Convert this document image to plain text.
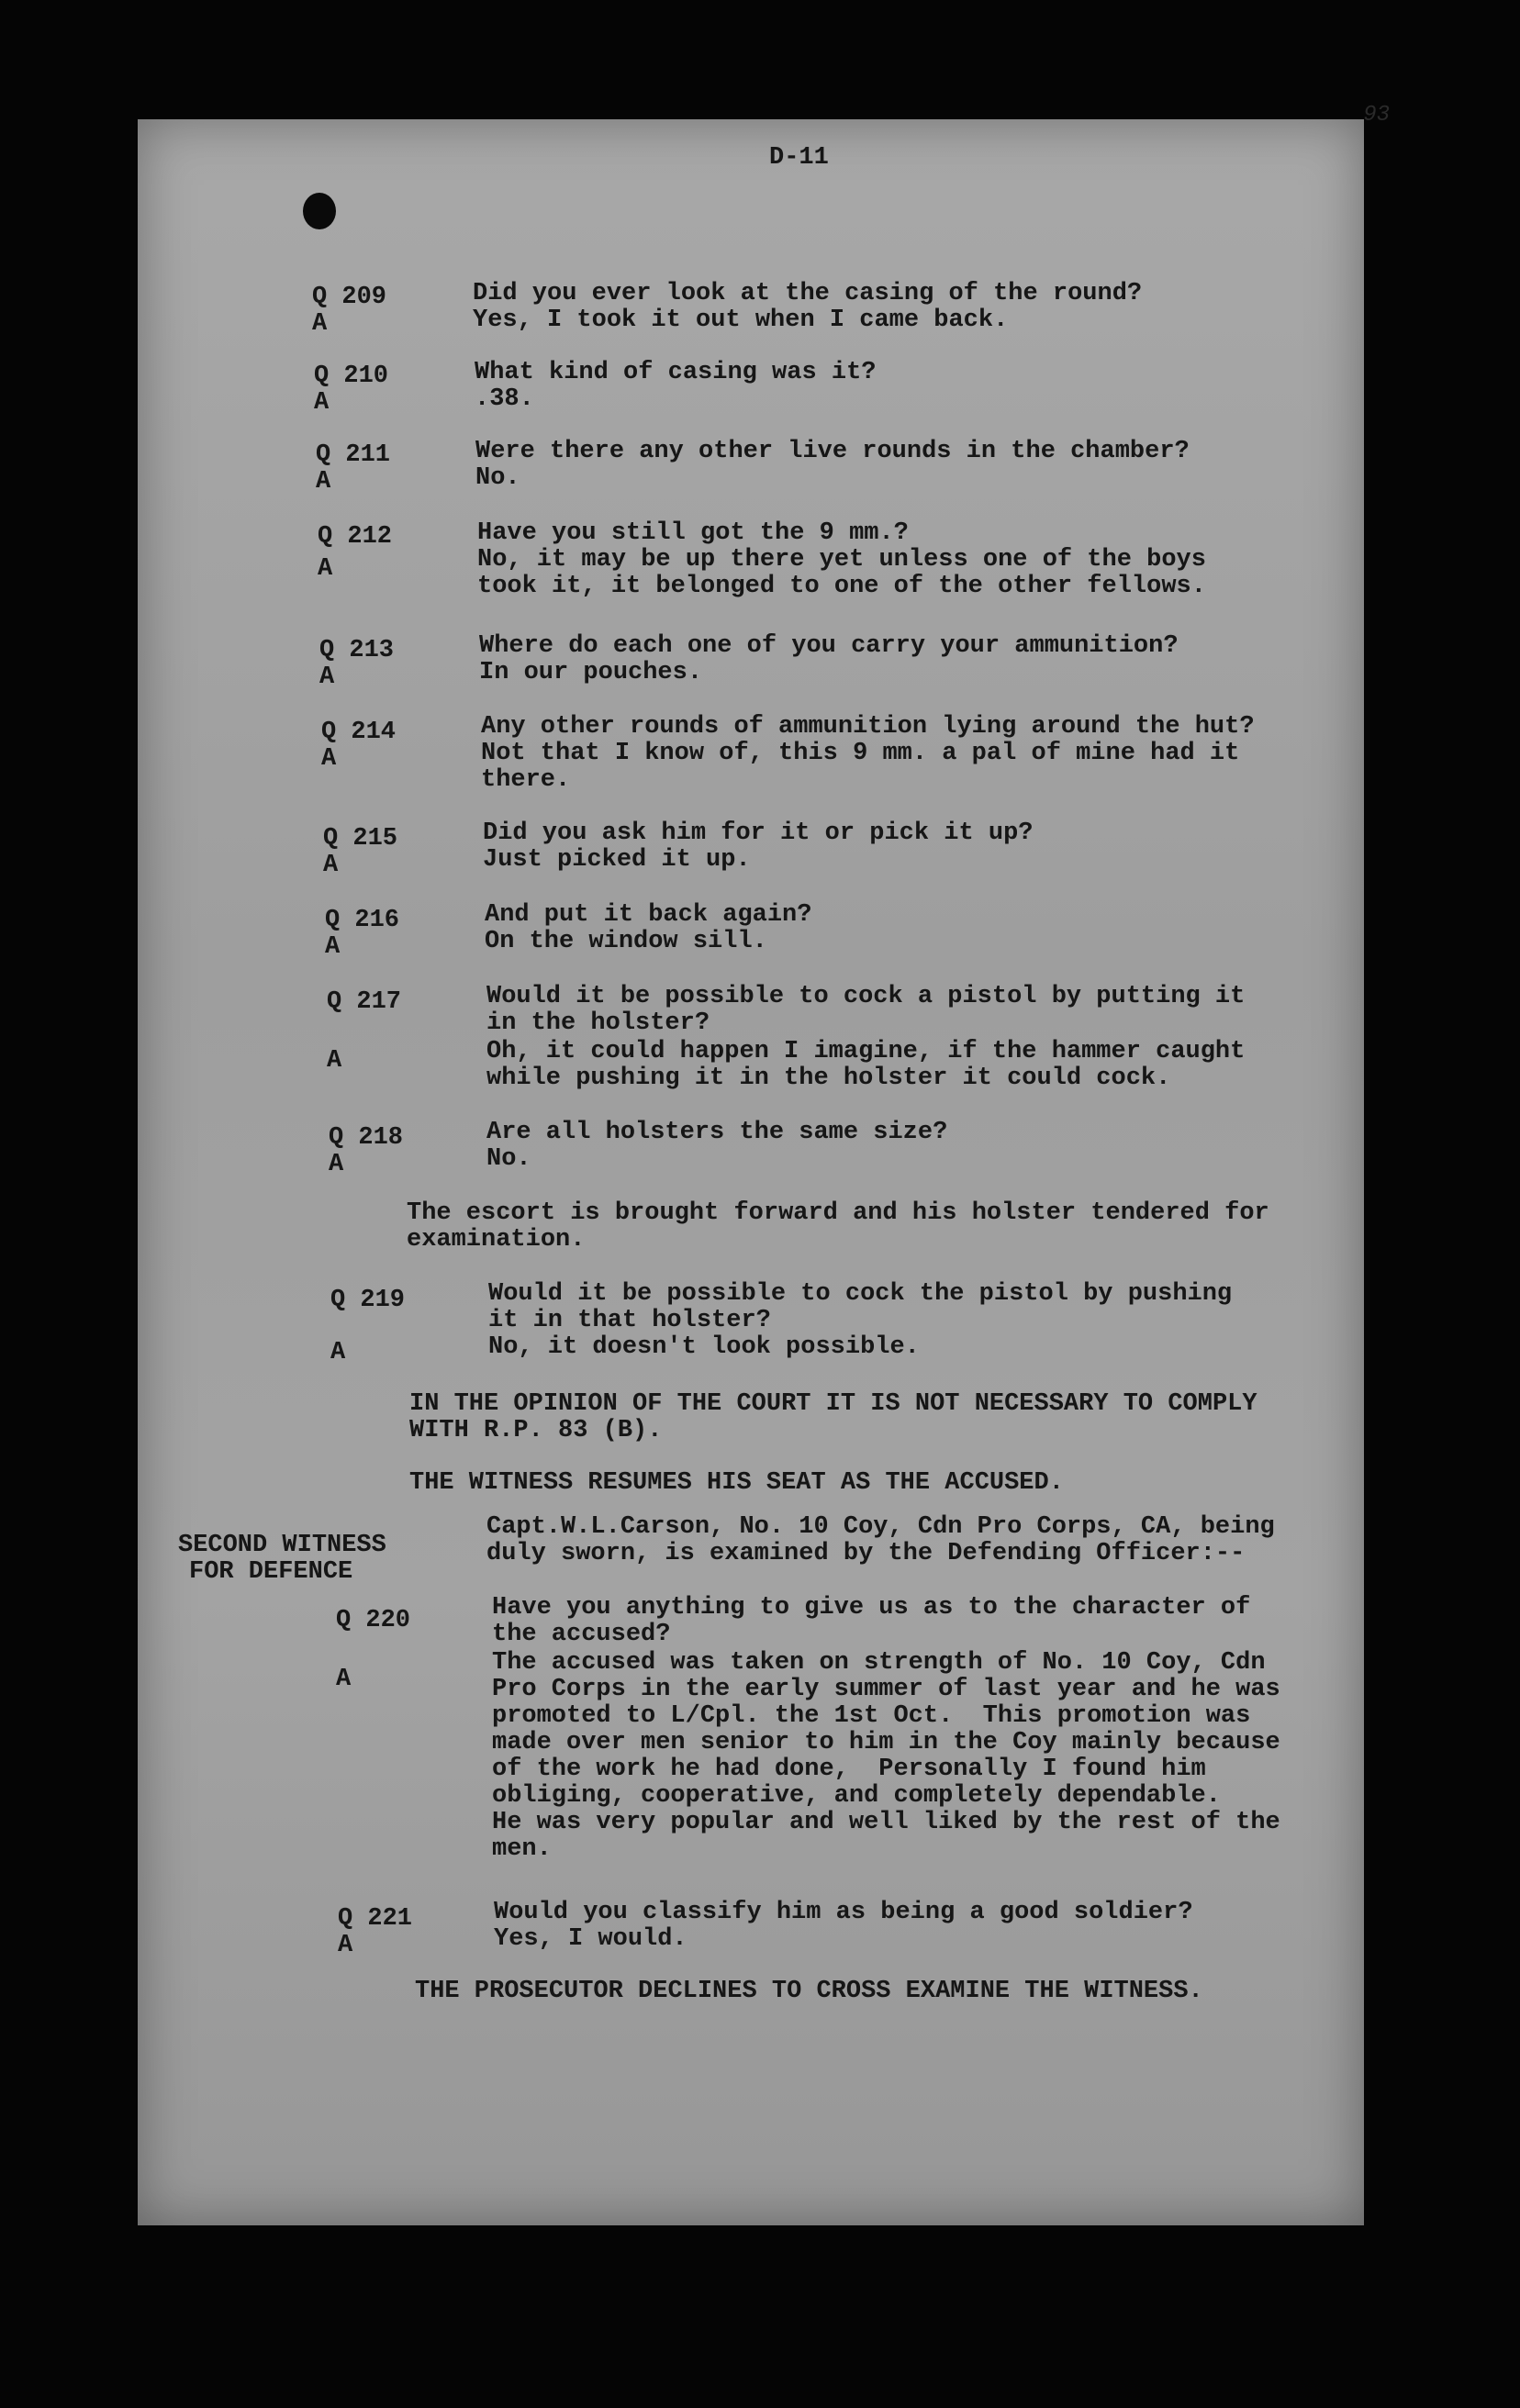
93
D-11
Q 209
A
Did you ever look at the casing of the round?
Yes, I took it out when I came back.
Q 210
A
What kind of casing was it?
.38.
Q 211
A
Were there any other live rounds in the chamber?
No.
Q 212
A
Have you still got the 9 mm.?
No, it may be up there yet unless one of the boys
took it, it belonged to one of the other fellows.
Q 213
A
Where do each one of you carry your ammunition?
In our pouches.
Q 214
A
Any other rounds of ammunition lying around the hut?
Not that I know of, this 9 mm. a pal of mine had it
there.
Q 215
A
Did you ask him for it or pick it up?
Just picked it up.
Q 216
A
And put it back again?
On the window sill.
Q 217
A
Would it be possible to cock a pistol by putting it
in the holster?
Oh, it could happen I imagine, if the hammer caught
while pushing it in the holster it could cock.
Q 218
A
Are all holsters the same size?
No.
The escort is brought forward and his holster tendered for
examination.
Q 219
A
Would it be possible to cock the pistol by pushing
it in that holster?
No, it doesn't look possible.
IN THE OPINION OF THE COURT IT IS NOT NECESSARY TO COMPLY
WITH R.P. 83 (B).
THE WITNESS RESUMES HIS SEAT AS THE ACCUSED.
SECOND WITNESS
FOR DEFENCE
Capt.W.L.Carson, No. 10 Coy, Cdn Pro Corps, CA, being
duly sworn, is examined by the Defending Officer:--
Q 220
A
Have you anything to give us as to the character of
the accused?
The accused was taken on strength of No. 10 Coy, Cdn
Pro Corps in the early summer of last year and he was
promoted to L/Cpl. the 1st Oct.  This promotion was
made over men senior to him in the Coy mainly because
of the work he had done,  Personally I found him
obliging, cooperative, and completely dependable.
He was very popular and well liked by the rest of the
men.
Q 221
A
Would you classify him as being a good soldier?
Yes, I would.
THE PROSECUTOR DECLINES TO CROSS EXAMINE THE WITNESS.
